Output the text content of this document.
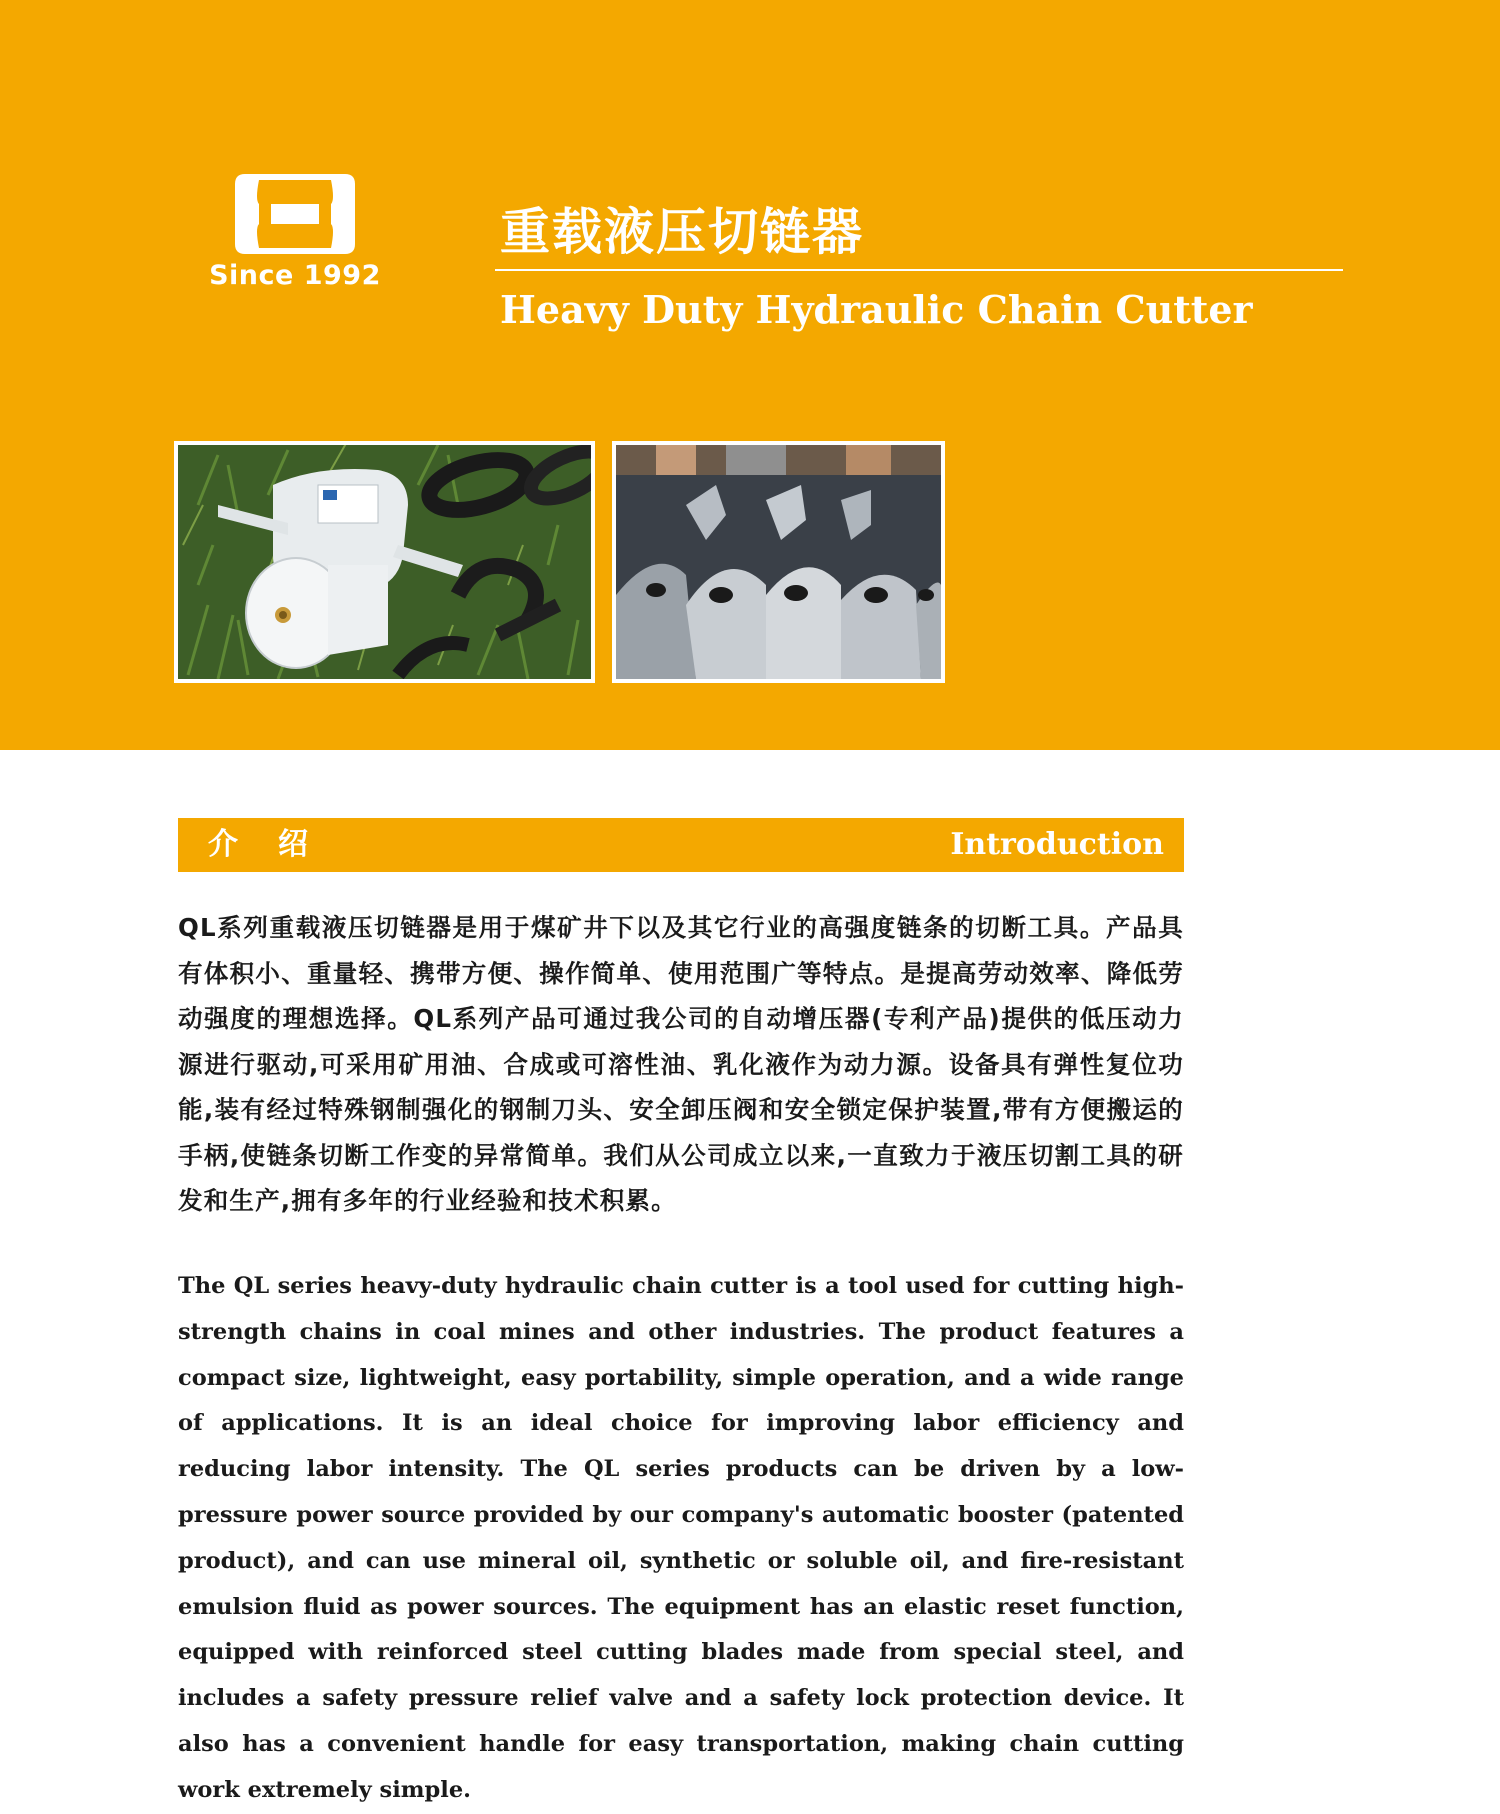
Since 1992
重载液压切链器
Heavy Duty Hydraulic Chain Cutter
介绍	Introduction

QL系列重载液压切链器是用于煤矿井下以及其它行业的高强度链条的切断工具。产品具有体积小、重量轻、携带方便、操作简单、使用范围广等特点。是提高劳动效率、降低劳动强度的理想选择。QL系列产品可通过我公司的自动增压器(专利产品)提供的低压动力源进行驱动,可采用矿用油、合成或可溶性油、乳化液作为动力源。设备具有弹性复位功能,装有经过特殊钢制强化的钢制刀头、安全卸压阀和安全锁定保护装置,带有方便搬运的手柄,使链条切断工作变的异常简单。我们从公司成立以来,一直致力于液压切割工具的研发和生产,拥有多年的行业经验和技术积累。

The QL series heavy-duty hydraulic chain cutter is a tool used for cutting high-strength chains in coal mines and other industries. The product features a compact size, lightweight, easy portability, simple operation, and a wide range of applications. It is an ideal choice for improving labor efficiency and reducing labor intensity. The QL series products can be driven by a low-pressure power source provided by our company's automatic booster (patented product), and can use mineral oil, synthetic or soluble oil, and fire-resistant emulsion fluid as power sources. The equipment has an elastic reset function, equipped with reinforced steel cutting blades made from special steel, and includes a safety pressure relief valve and a safety lock protection device. It also has a convenient handle for easy transportation, making chain cutting work extremely simple.
